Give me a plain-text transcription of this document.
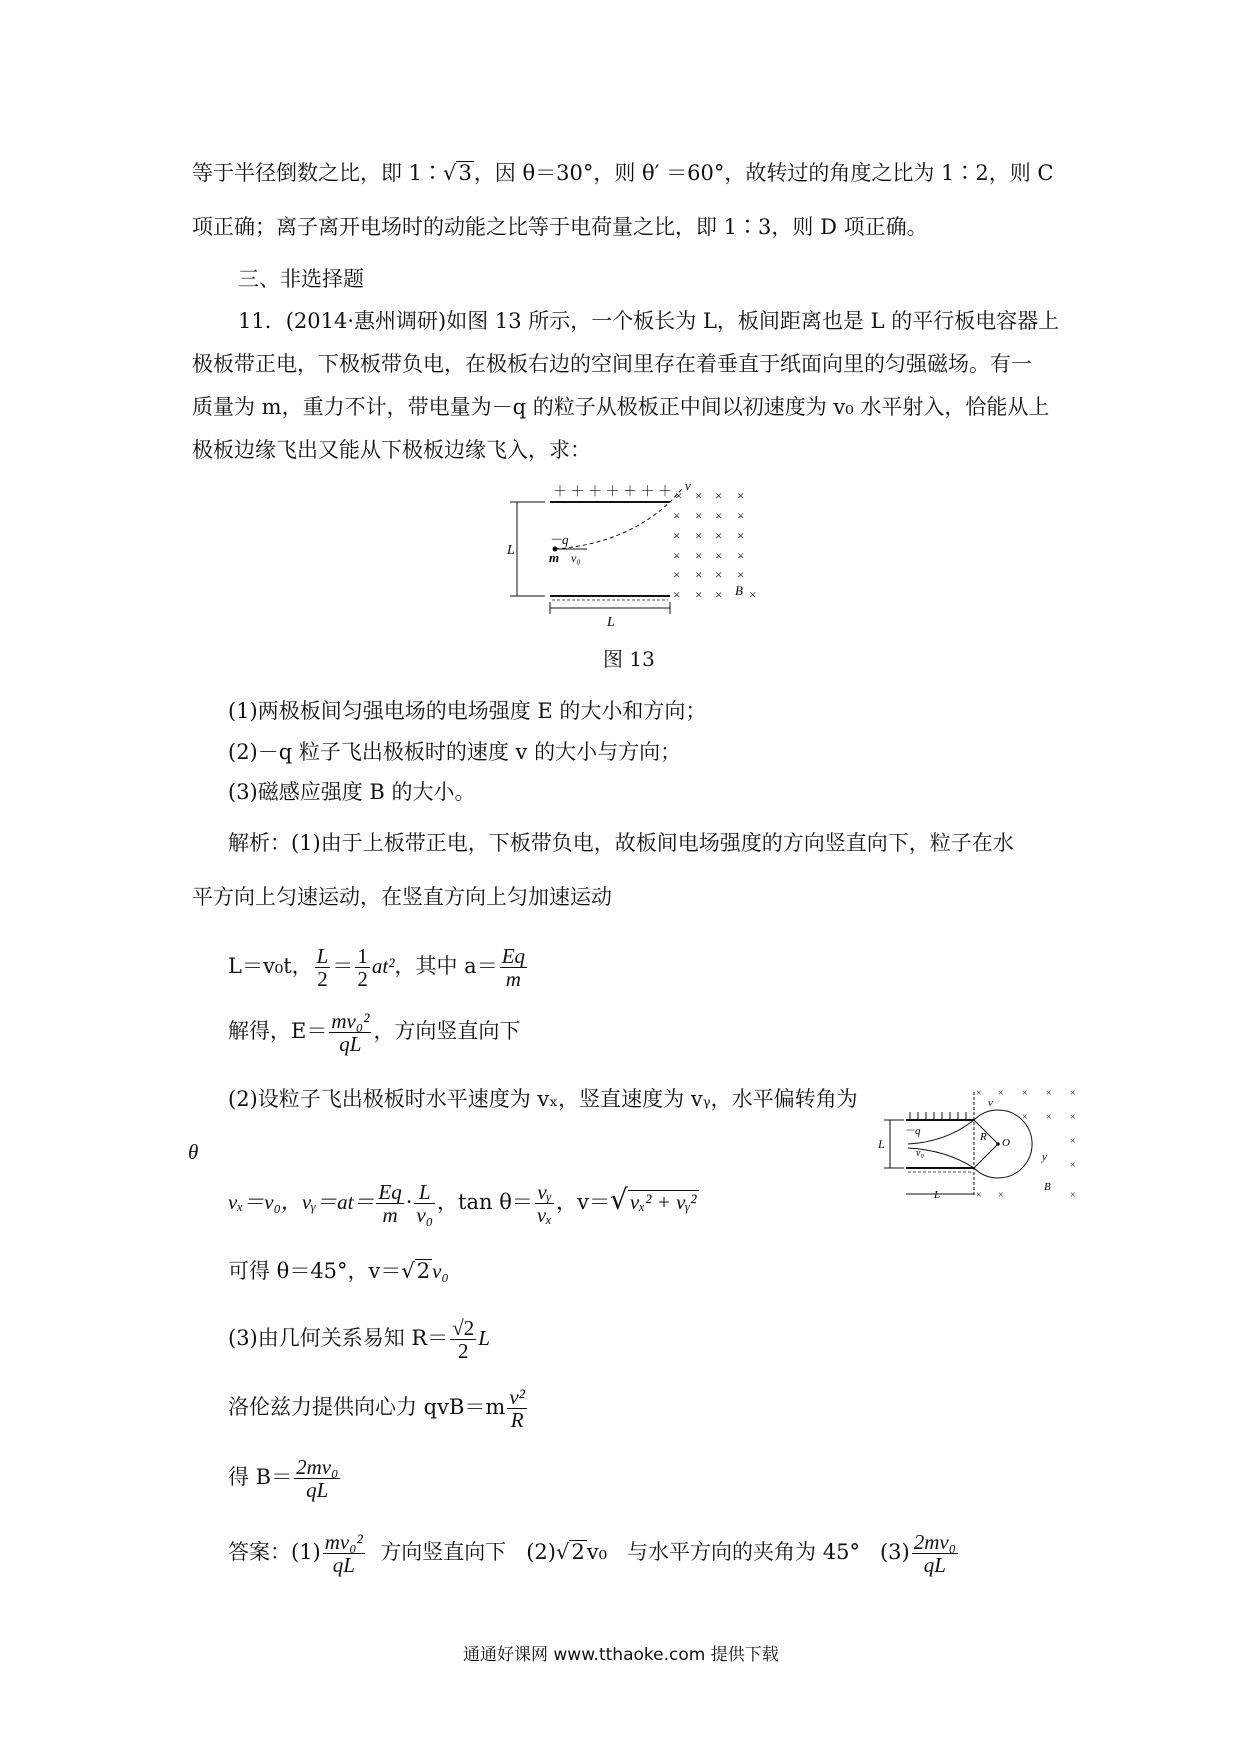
等于半径倒数之比，即 1∶√3，因 θ＝30°，则 θ′ ＝60°，故转过的角度之比为 1∶2，则 C
项正确；离子离开电场时的动能之比等于电荷量之比，即 1∶3，则 D 项正确。
三、非选择题
11．(2014·惠州调研)如图 13 所示，一个板长为 L，板间距离也是 L 的平行板电容器上
极板带正电，下极板带负电，在极板右边的空间里存在着垂直于纸面向里的匀强磁场。有一
质量为 m，重力不计，带电量为－q 的粒子从极板正中间以初速度为 v₀ 水平射入，恰能从上
极板边缘飞出又能从下极板边缘飞入，求：
＋ ＋ ＋ ＋ ＋ ＋ ＋
L
L
－q
m v₀
v
× × × ×
× × × ×
× × × ×
× × × ×
× × × ×
× × × ×
B
图 13
(1)两极板间匀强电场的电场强度 E 的大小和方向；
(2)－q 粒子飞出极板时的速度 v 的大小与方向；
(3)磁感应强度 B 的大小。
解析：(1)由于上板带正电，下板带负电，故板间电场强度的方向竖直向下，粒子在水
平方向上匀速运动，在竖直方向上匀加速运动
L＝v₀t， $\frac{L}{2} = \frac{1}{2} at^2$，其中 $a= \frac{Eq}{m}$
解得，$E= \frac{\text{mv₀²}}{qL}$ ，方向竖直向下
(2)设粒子飞出极板时水平速度为 vₓ，竖直速度为 vᵧ，水平偏转角为
θ
vₓ＝v₀，vᵧ＝at＝ $\frac{Eq}{m} \cdot \frac{L}{\text{v₀}}$ ，$\tan \theta= \frac{\text{vᵧ}}{\text{vₓ}}$ ，v＝√vₓ² + vᵧ²
可得 θ＝45°，v＝√2v₀
(3)由几何关系易知 $R= \frac{√2}{2}$ L
洛伦兹力提供向心力 $qvB=m \frac{\text{v²}}{R}$
得 $B= \frac{\text{2mv₀}}{qL}$
答案：$(1) \frac{\text{mv₀²}}{qL}$ 方向竖直向下   (2)√2v₀   与水平方向的夹角为 45°   $(3) \frac{\text{2mv₀}}{qL}$
L
－q
v₀
R O
v
y
L
× × × × ×
× × ×
×
×
× ×	×
B
通通好课网 www.tthaoke.com 提供下载
